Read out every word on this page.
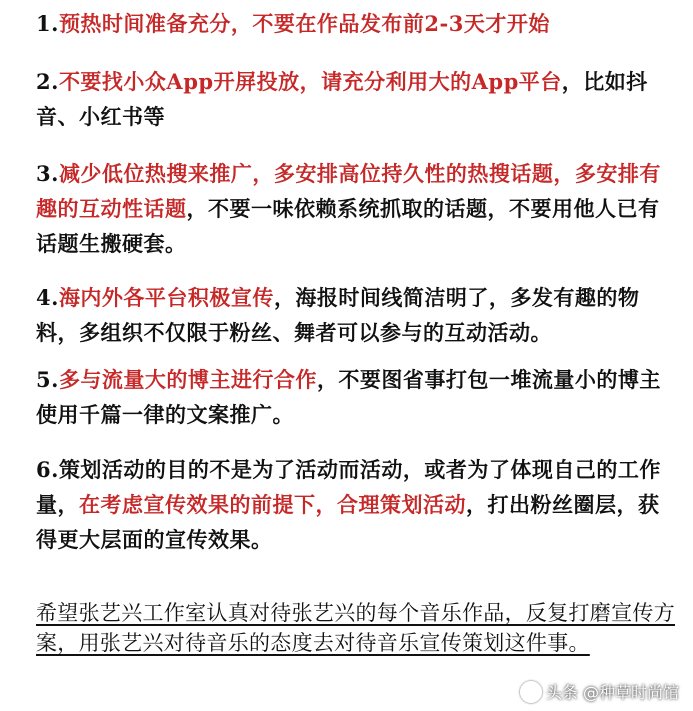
1.预热时间准备充分，不要在作品发布前2-3天才开始
2.不要找小众App开屏投放，请充分利用大的App平台，比如抖音、小红书等
3.减少低位热搜来推广，多安排高位持久性的热搜话题，多安排有趣的互动性话题，不要一味依赖系统抓取的话题，不要用他人已有话题生搬硬套。
4.海内外各平台积极宣传，海报时间线简洁明了，多发有趣的物料，多组织不仅限于粉丝、舞者可以参与的互动活动。
5.多与流量大的博主进行合作，不要图省事打包一堆流量小的博主使用千篇一律的文案推广。
6.策划活动的目的不是为了活动而活动，或者为了体现自己的工作量，在考虑宣传效果的前提下，合理策划活动，打出粉丝圈层，获得更大层面的宣传效果。
希望张艺兴工作室认真对待张艺兴的每个音乐作品，反复打磨宣传方案，用张艺兴对待音乐的态度去对待音乐宣传策划这件事。
头条 @种草时尚馆
